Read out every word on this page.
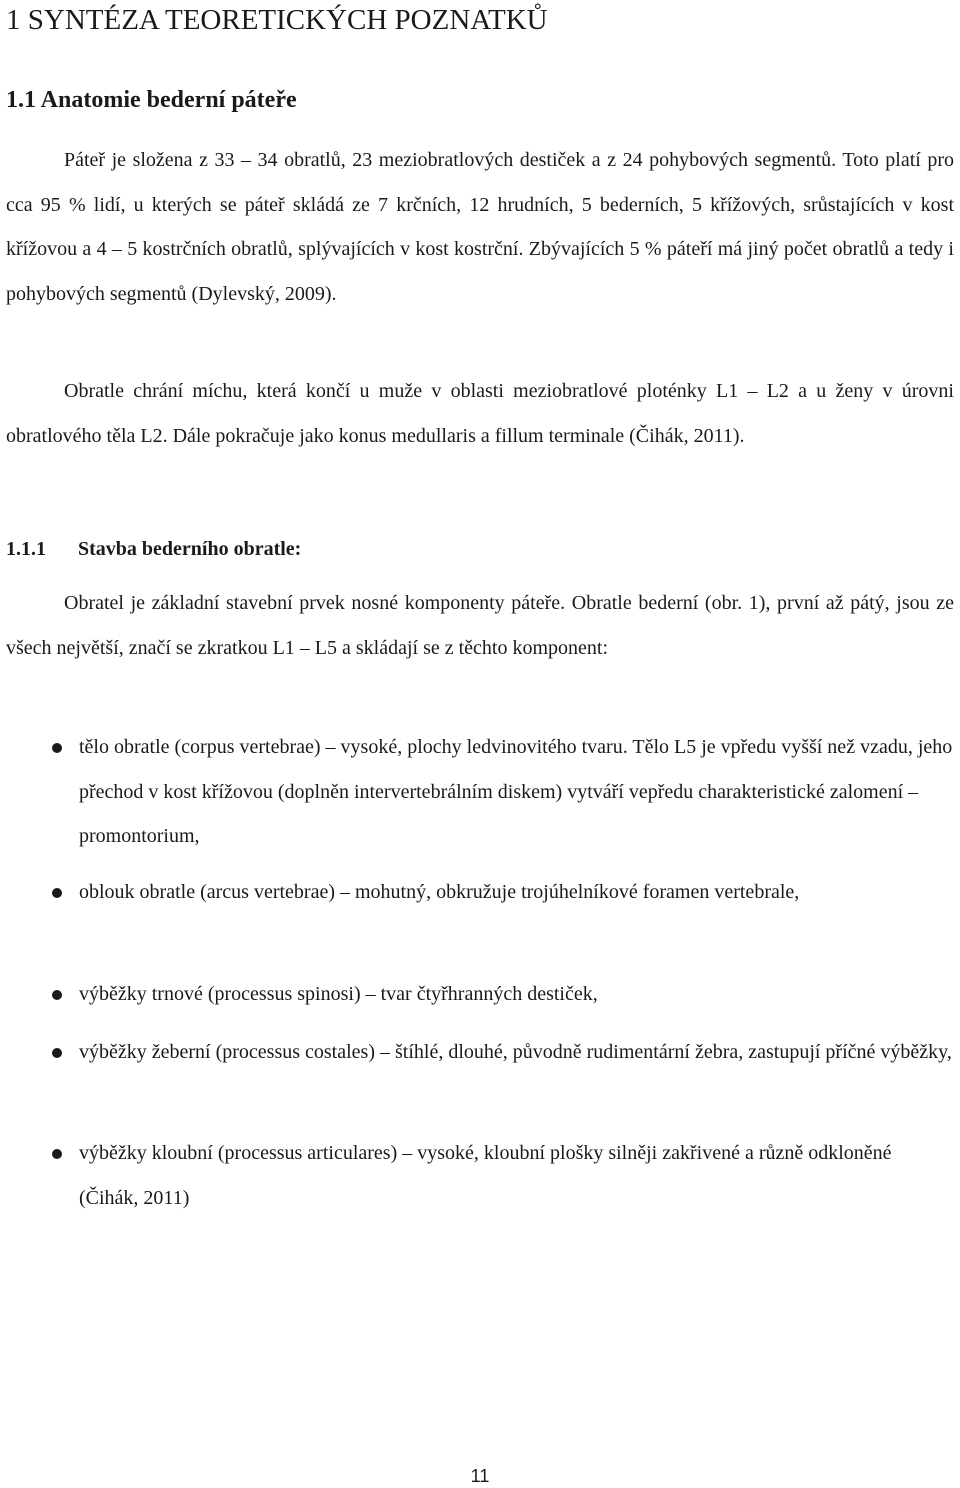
1 SYNTÉZA TEORETICKÝCH POZNATKŮ
1.1 Anatomie bederní páteře

Páteř je složena z 33 – 34 obratlů, 23 meziobratlových destiček a z 24 pohybových segmentů. Toto platí pro cca 95 % lidí, u kterých se páteř skládá ze 7 krčních, 12 hrudních, 5 bederních, 5 křížových, srůstajících v kost křížovou a 4 – 5 kostrčních obratlů, splývajících v kost kostrční. Zbývajících 5 % páteří má jiný počet obratlů a tedy i pohybových segmentů (Dylevský, 2009).

Obratle chrání míchu, která končí u muže v oblasti meziobratlové ploténky L1 – L2 a u ženy v úrovni obratlového těla L2. Dále pokračuje jako konus medullaris a fillum terminale (Čihák, 2011).

1.1.1 Stavba bederního obratle:

Obratel je základní stavební prvek nosné komponenty páteře. Obratle bederní (obr. 1), první až pátý, jsou ze všech největší, značí se zkratkou L1 – L5 a skládají se z těchto komponent:

tělo obratle (corpus vertebrae) – vysoké, plochy ledvinovitého tvaru. Tělo L5 je vpředu vyšší než vzadu, jeho přechod v kost křížovou (doplněn intervertebrálním diskem) vytváří vepředu charakteristické zalomení – promontorium,
oblouk obratle (arcus vertebrae) – mohutný, obkružuje trojúhelníkové foramen vertebrale,
výběžky trnové (processus spinosi) – tvar čtyřhranných destiček,
výběžky žeberní (processus costales) – štíhlé, dlouhé, původně rudimentární žebra, zastupují příčné výběžky,
výběžky kloubní (processus articulares) – vysoké, kloubní plošky silněji zakřivené a různě odkloněné (Čihák, 2011)
11
